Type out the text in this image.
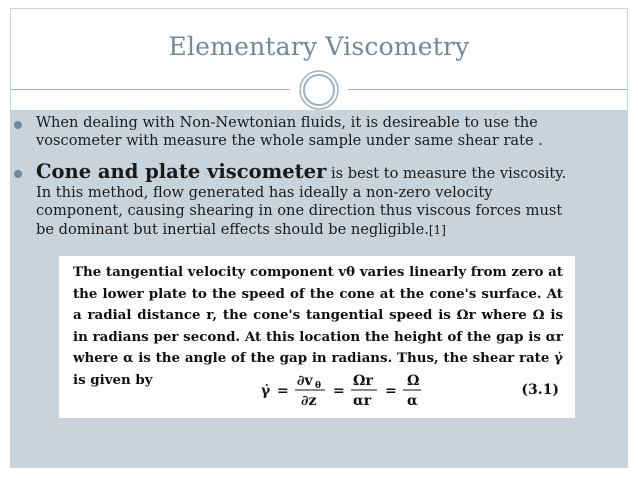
Elementary Viscometry
When dealing with Non-Newtonian fluids, it is desireable to use the voscometer with measure the whole sample under same shear rate .
Cone and plate viscometer is best to measure the viscosity. In this method, flow generated has ideally a non-zero velocity component, causing shearing in one direction thus viscous forces must be dominant but inertial effects should be negligible.[1]
The tangential velocity component vθ varies linearly from zero at the lower plate to the speed of the cone at the cone's surface. At a radial distance r, the cone's tangential speed is Ωr where Ω is in radians per second. At this location the height of the gap is αr where α is the angle of the gap in radians. Thus, the shear rate γ̇ is given by
γ̇ =
∂v θ
∂z
=
Ωr
αr
=
Ω
α
(3.1)
